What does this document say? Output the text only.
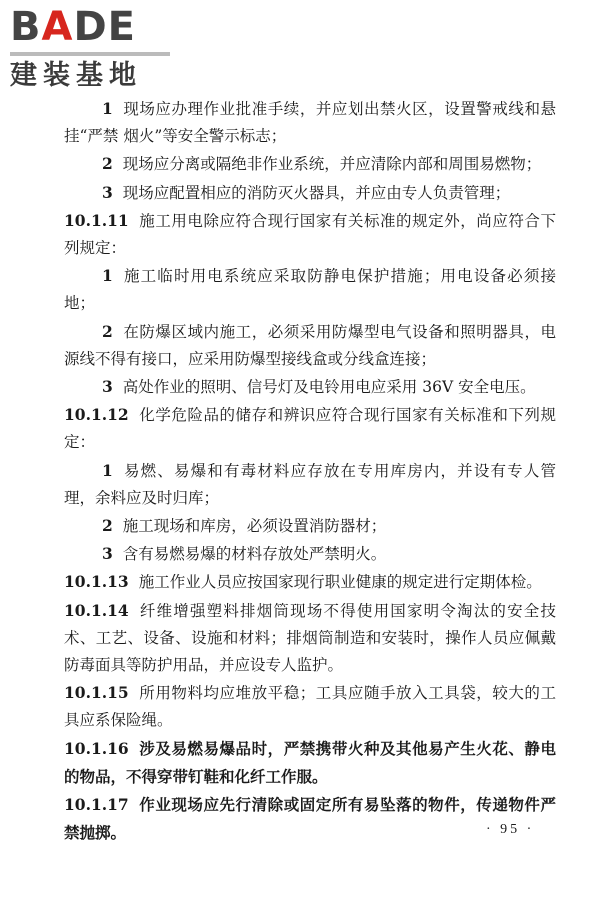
BADE
建装基地

1 现场应办理作业批准手续，并应划出禁火区，设置警戒线和悬挂“严禁 烟火”等安全警示标志；

2 现场应分离或隔绝非作业系统，并应清除内部和周围易燃物；

3 现场应配置相应的消防灭火器具，并应由专人负责管理；

10.1.11 施工用电除应符合现行国家有关标准的规定外，尚应符合下列规定：

1 施工临时用电系统应采取防静电保护措施；用电设备必须接地；

2 在防爆区域内施工，必须采用防爆型电气设备和照明器具，电源线不得有接口，应采用防爆型接线盒或分线盒连接；

3 高处作业的照明、信号灯及电铃用电应采用 36V 安全电压。

10.1.12 化学危险品的储存和辨识应符合现行国家有关标准和下列规定：

1 易燃、易爆和有毒材料应存放在专用库房内，并设有专人管理，余料应及时归库；

2 施工现场和库房，必须设置消防器材；

3 含有易燃易爆的材料存放处严禁明火。

10.1.13 施工作业人员应按国家现行职业健康的规定进行定期体检。

10.1.14 纤维增强塑料排烟筒现场不得使用国家明令淘汰的安全技术、工艺、设备、设施和材料；排烟筒制造和安装时，操作人员应佩戴防毒面具等防护用品，并应设专人监护。

10.1.15 所用物料均应堆放平稳；工具应随手放入工具袋，较大的工具应系保险绳。

10.1.16 涉及易燃易爆品时，严禁携带火种及其他易产生火花、静电的物品，不得穿带钉鞋和化纤工作服。

10.1.17 作业现场应先行清除或固定所有易坠落的物件，传递物件严禁抛掷。	· 95 ·
